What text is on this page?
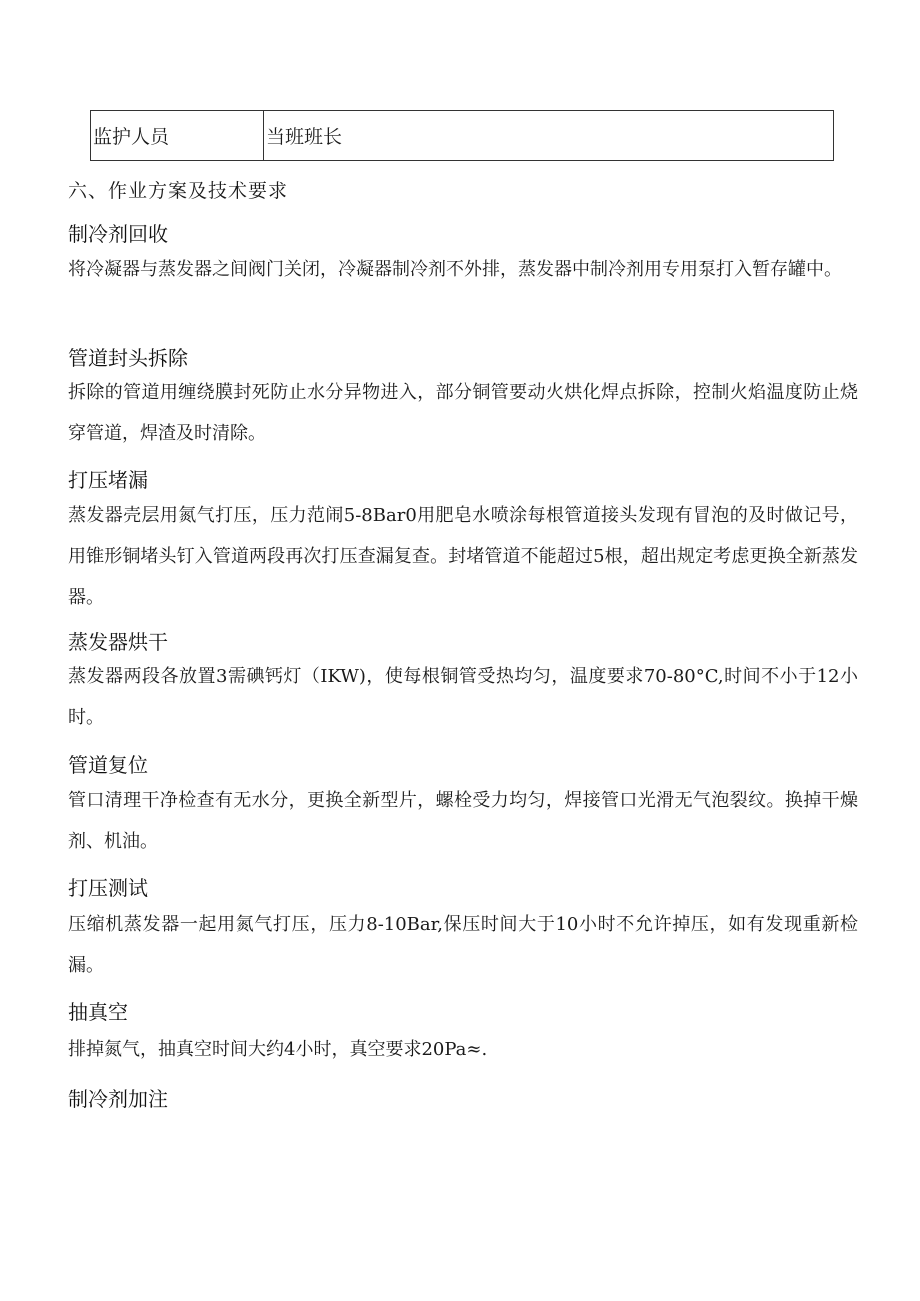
监护人员	当班班长
六、作业方案及技术要求
制冷剂回收

将冷凝器与蒸发器之间阀门关闭，冷凝器制冷剂不外排，蒸发器中制冷剂用专用泵打入暂存罐中。

管道封头拆除

拆除的管道用缠绕膜封死防止水分异物进入，部分铜管要动火烘化焊点拆除，控制火焰温度防止烧穿管道，焊渣及时清除。

打压堵漏

蒸发器壳层用氮气打压，压力范闹5-8Bar0用肥皂水喷涂每根管道接头发现有冒泡的及时做记号，用锥形铜堵头钉入管道两段再次打压查漏复查。封堵管道不能超过5根，超出规定考虑更换全新蒸发器。

蒸发器烘干

蒸发器两段各放置3需碘钙灯（IKW)，使每根铜管受热均匀，温度要求70-80°C,时间不小于12小时。

管道复位

管口清理干净检查有无水分，更换全新型片，螺栓受力均匀，焊接管口光滑无气泡裂纹。换掉干燥剂、机油。

打压测试

压缩机蒸发器一起用氮气打压，压力8-10Bar,保压时间大于10小时不允许掉压，如有发现重新检漏。

抽真空

排掉氮气，抽真空时间大约4小时，真空要求20Pa≈.

制冷剂加注
